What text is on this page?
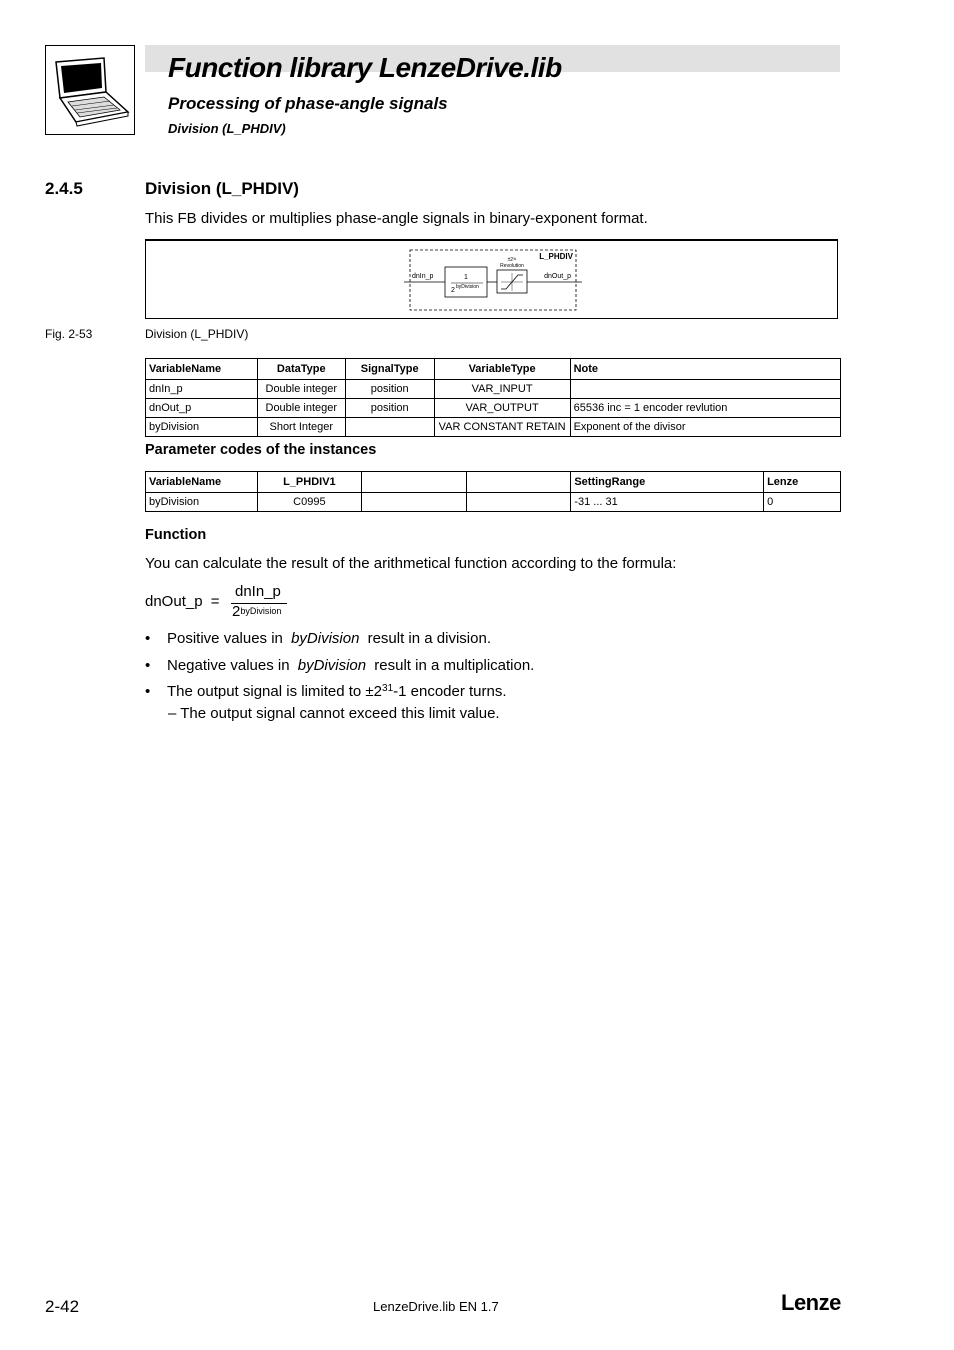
Function library LenzeDrive.lib
Processing of phase-angle signals
Division (L_PHDIV)
2.4.5	Division (L_PHDIV)
This FB divides or multiplies phase-angle signals in binary-exponent format.
L_PHDIV
dnIn_p	1
2 byDivision
±2³¹
Revolution
dnOut_p
Fig. 2-53	Division (L_PHDIV)
VariableName	DataType	SignalType	VariableType	Note
dnIn_p	Double integer	position	VAR_INPUT	
dnOut_p	Double integer	position	VAR_OUTPUT	65536 inc = 1 encoder revlution
byDivision	Short Integer		VAR CONSTANT RETAIN	Exponent of the divisor
Parameter codes of the instances
VariableName	L_PHDIV1			SettingRange	Lenze
byDivision	C0995			-31 ... 31	0
Function
You can calculate the result of the arithmetical function according to the formula:
dnOut_p =
dnIn_p
$2^{byDivision}$
• Positive values in byDivision result in a division.
• Negative values in byDivision result in a multiplication.
• The output signal is limited to $\pm 2^{31}-1$ encoder turns.
– The output signal cannot exceed this limit value.
2-42	LenzeDrive.lib EN 1.7	Lenze
